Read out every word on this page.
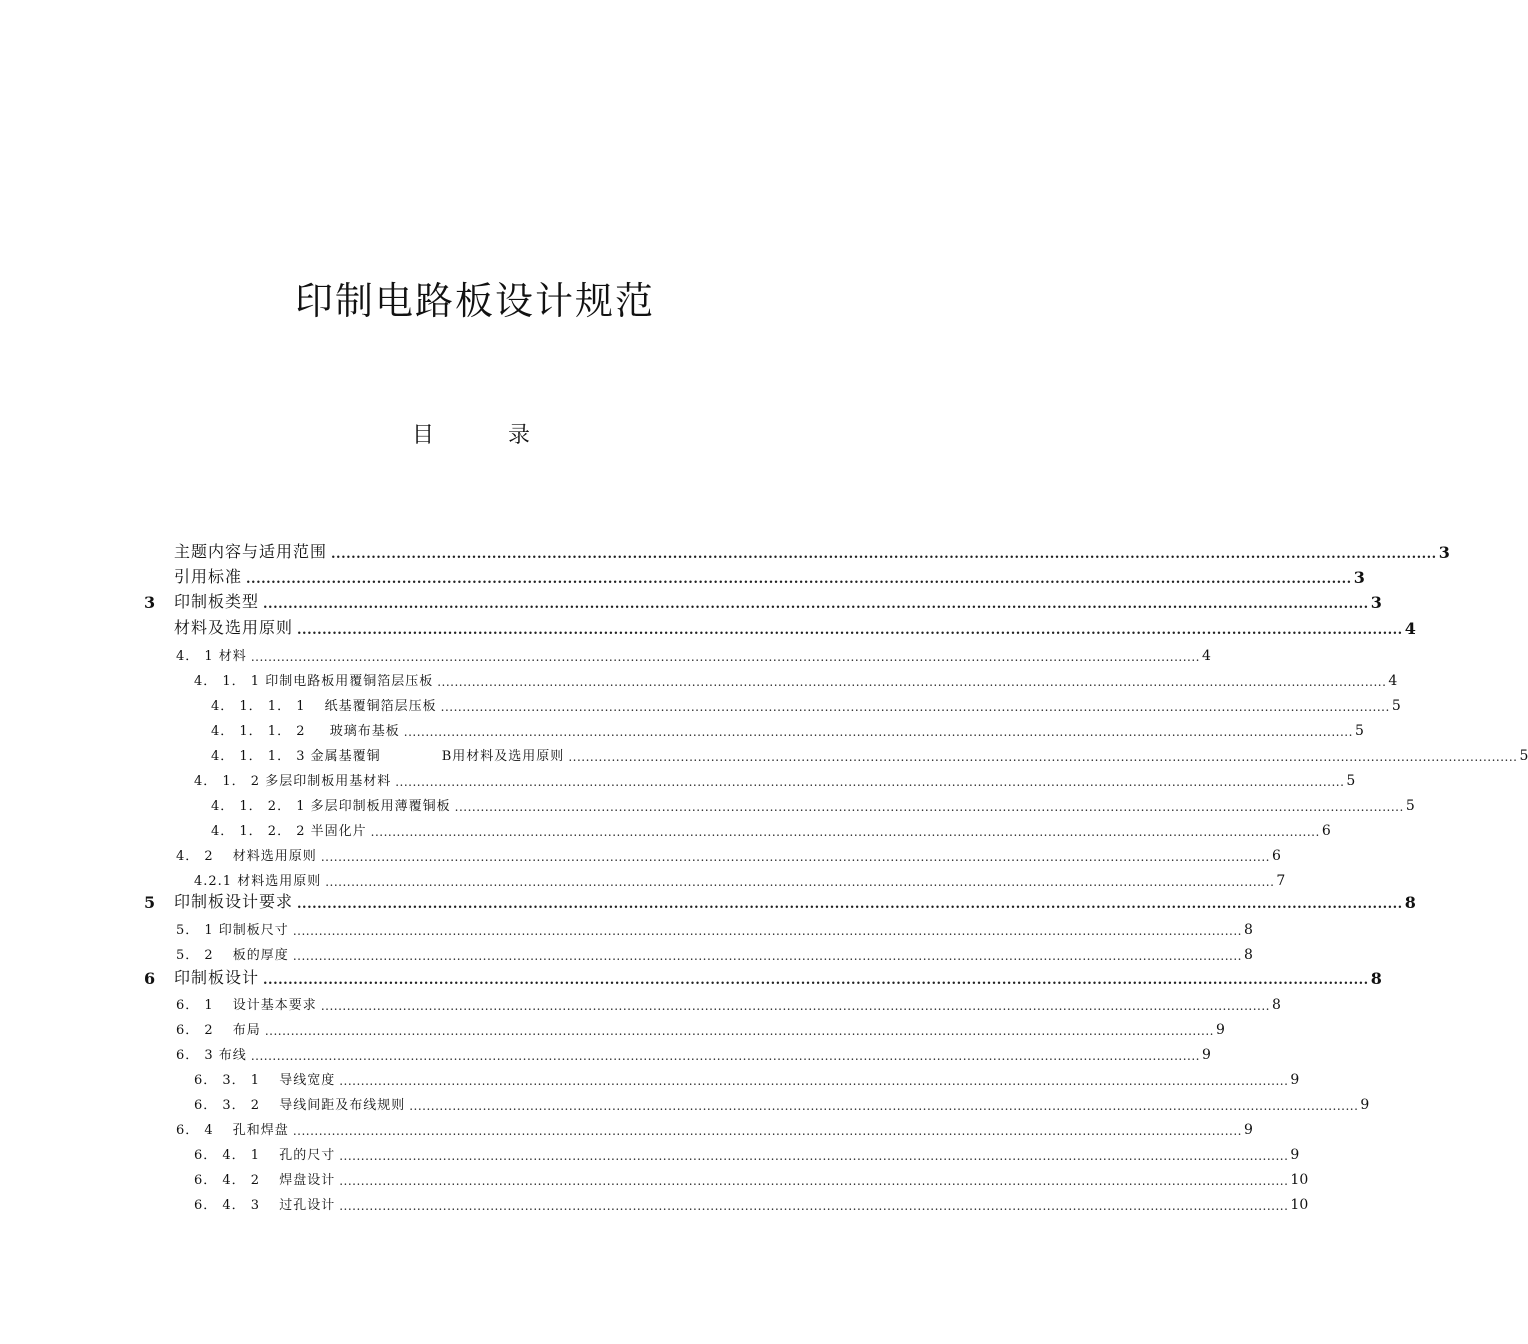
印制电路板设计规范
目	录
主题内容与适用范围 ............................................................................................................................................................................................................................ 3
引用标准 ............................................................................................................................................................................................................................ 3
3 印制板类型 ............................................................................................................................................................................................................................ 3
材料及选用原则 ............................................................................................................................................................................................................................ 4
4． 1 材料 ............................................................................................................................................................................................................................ 4
4． 1． 1 印制电路板用覆铜箔层压板 ............................................................................................................................................................................................................................ 4
4． 1． 1． 1 　纸基覆铜箔层压板 ............................................................................................................................................................................................................................ 5
4． 1． 1． 2 　 玻璃布基板 ............................................................................................................................................................................................................................ 5
4． 1． 1． 3 金属基覆铜 　　　　B用材料及选用原则 ............................................................................................................................................................................................................................ 5
4． 1． 2 多层印制板用基材料 ............................................................................................................................................................................................................................ 5
4． 1． 2． 1 多层印制板用薄覆铜板 ............................................................................................................................................................................................................................ 5
4． 1． 2． 2 半固化片 ............................................................................................................................................................................................................................ 6
4． 2 　材料选用原则 ............................................................................................................................................................................................................................ 6
4.2.1 材料选用原则 ............................................................................................................................................................................................................................ 7
5 印制板设计要求 ............................................................................................................................................................................................................................ 8
5． 1 印制板尺寸 ............................................................................................................................................................................................................................ 8
5． 2 　板的厚度 ............................................................................................................................................................................................................................ 8
6 印制板设计 ............................................................................................................................................................................................................................ 8
6． 1 　设计基本要求 ............................................................................................................................................................................................................................ 8
6． 2 　布局 ............................................................................................................................................................................................................................ 9
6． 3 布线 ............................................................................................................................................................................................................................ 9
6． 3． 1 　导线宽度 ............................................................................................................................................................................................................................ 9
6． 3． 2 　导线间距及布线规则 ............................................................................................................................................................................................................................ 9
6． 4 　孔和焊盘 ............................................................................................................................................................................................................................ 9
6． 4． 1 　孔的尺寸 ............................................................................................................................................................................................................................ 9
6． 4． 2 　焊盘设计 ............................................................................................................................................................................................................................ 10
6． 4． 3 　过孔设计 ............................................................................................................................................................................................................................ 10
